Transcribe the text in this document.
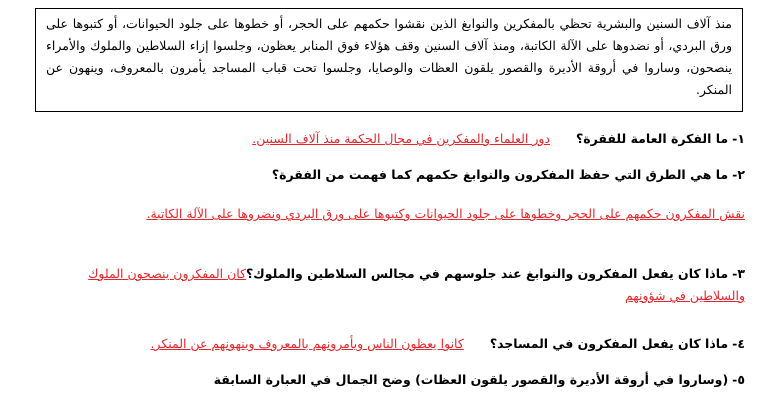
منذ آلاف السنين والبشرية تحظي بالمفكرين والنوابغ الذين نقشوا حكمهم على الحجر، أو خطوها على جلود الحيوانات، أو كتبوها على ورق البردي، أو نضدوها على الآلة الكاتبة، ومنذ آلاف السنين وقف هؤلاء فوق المنابر يعظون، وجلسوا إزاء السلاطين والملوك والأمراء ينصحون، وساروا في أروقة الأديرة والقصور يلقون العظات والوصايا، وجلسوا تحت قباب المساجد يأمرون بالمعروف، وينهون عن المنكر.
١- ما الفكرة العامة للفقرة؟دور العلماء والمفكرين في مجال الحكمة منذ آلاف السنين.
٢- ما هي الطرق التي حفظ المفكرون والنوابغ حكمهم كما فهمت من الفقرة؟
نقش المفكرون حكمهم على الحجر وخطوها على جلود الحيوانات وكتبوها على ورق البردي ونضروها على الآلة الكاتبة.
٣- ماذا كان يفعل المفكرون والنوابغ عند جلوسهم في مجالس السلاطين والملوك؟كان المفكرون ينصحون الملوك والسلاطين في شؤونهم
٤- ماذا كان يفعل المفكرون في المساجد؟كانوا يعظون الناس ويأمرونهم بالمعروف وينهونهم عن المنكر.
٥- (وساروا في أروقة الأديرة والقصور يلقون العظات) وضح الجمال في العبارة السابقة
